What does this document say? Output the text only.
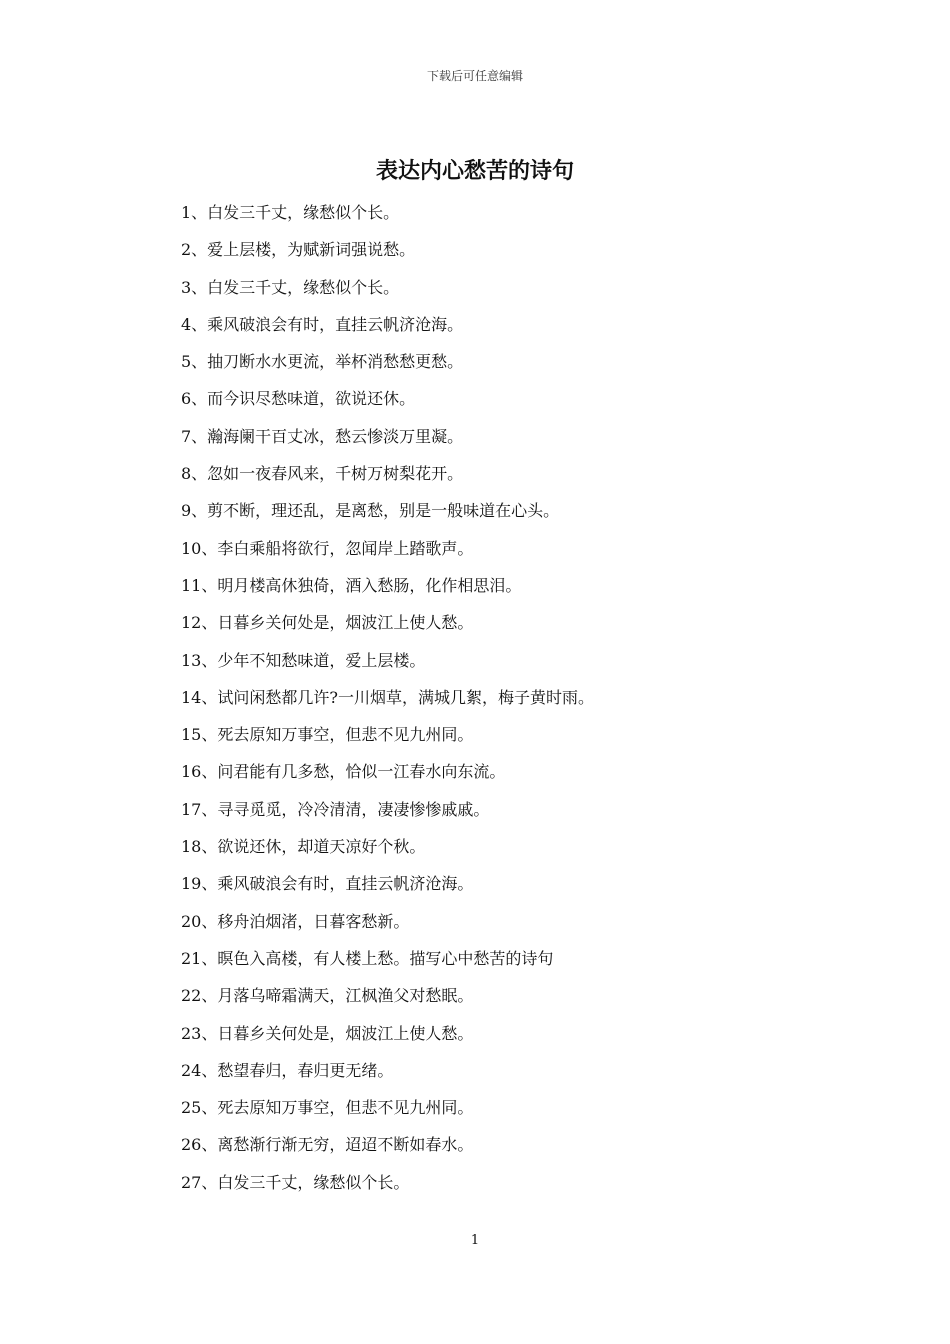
下载后可任意编辑
表达内心愁苦的诗句
1、白发三千丈，缘愁似个长。
2、爱上层楼，为赋新词强说愁。
3、白发三千丈，缘愁似个长。
4、乘风破浪会有时，直挂云帆济沧海。
5、抽刀断水水更流，举杯消愁愁更愁。
6、而今识尽愁味道，欲说还休。
7、瀚海阑干百丈冰，愁云惨淡万里凝。
8、忽如一夜春风来，千树万树梨花开。
9、剪不断，理还乱，是离愁，别是一般味道在心头。
10、李白乘船将欲行，忽闻岸上踏歌声。
11、明月楼高休独倚，酒入愁肠，化作相思泪。
12、日暮乡关何处是，烟波江上使人愁。
13、少年不知愁味道，爱上层楼。
14、试问闲愁都几许?一川烟草，满城几絮，梅子黄时雨。
15、死去原知万事空，但悲不见九州同。
16、问君能有几多愁，恰似一江春水向东流。
17、寻寻觅觅，冷冷清清，凄凄惨惨戚戚。
18、欲说还休，却道天凉好个秋。
19、乘风破浪会有时，直挂云帆济沧海。
20、移舟泊烟渚，日暮客愁新。
21、暝色入高楼，有人楼上愁。描写心中愁苦的诗句
22、月落乌啼霜满天，江枫渔父对愁眠。
23、日暮乡关何处是，烟波江上使人愁。
24、愁望春归，春归更无绪。
25、死去原知万事空，但悲不见九州同。
26、离愁渐行渐无穷，迢迢不断如春水。
27、白发三千丈，缘愁似个长。
1
